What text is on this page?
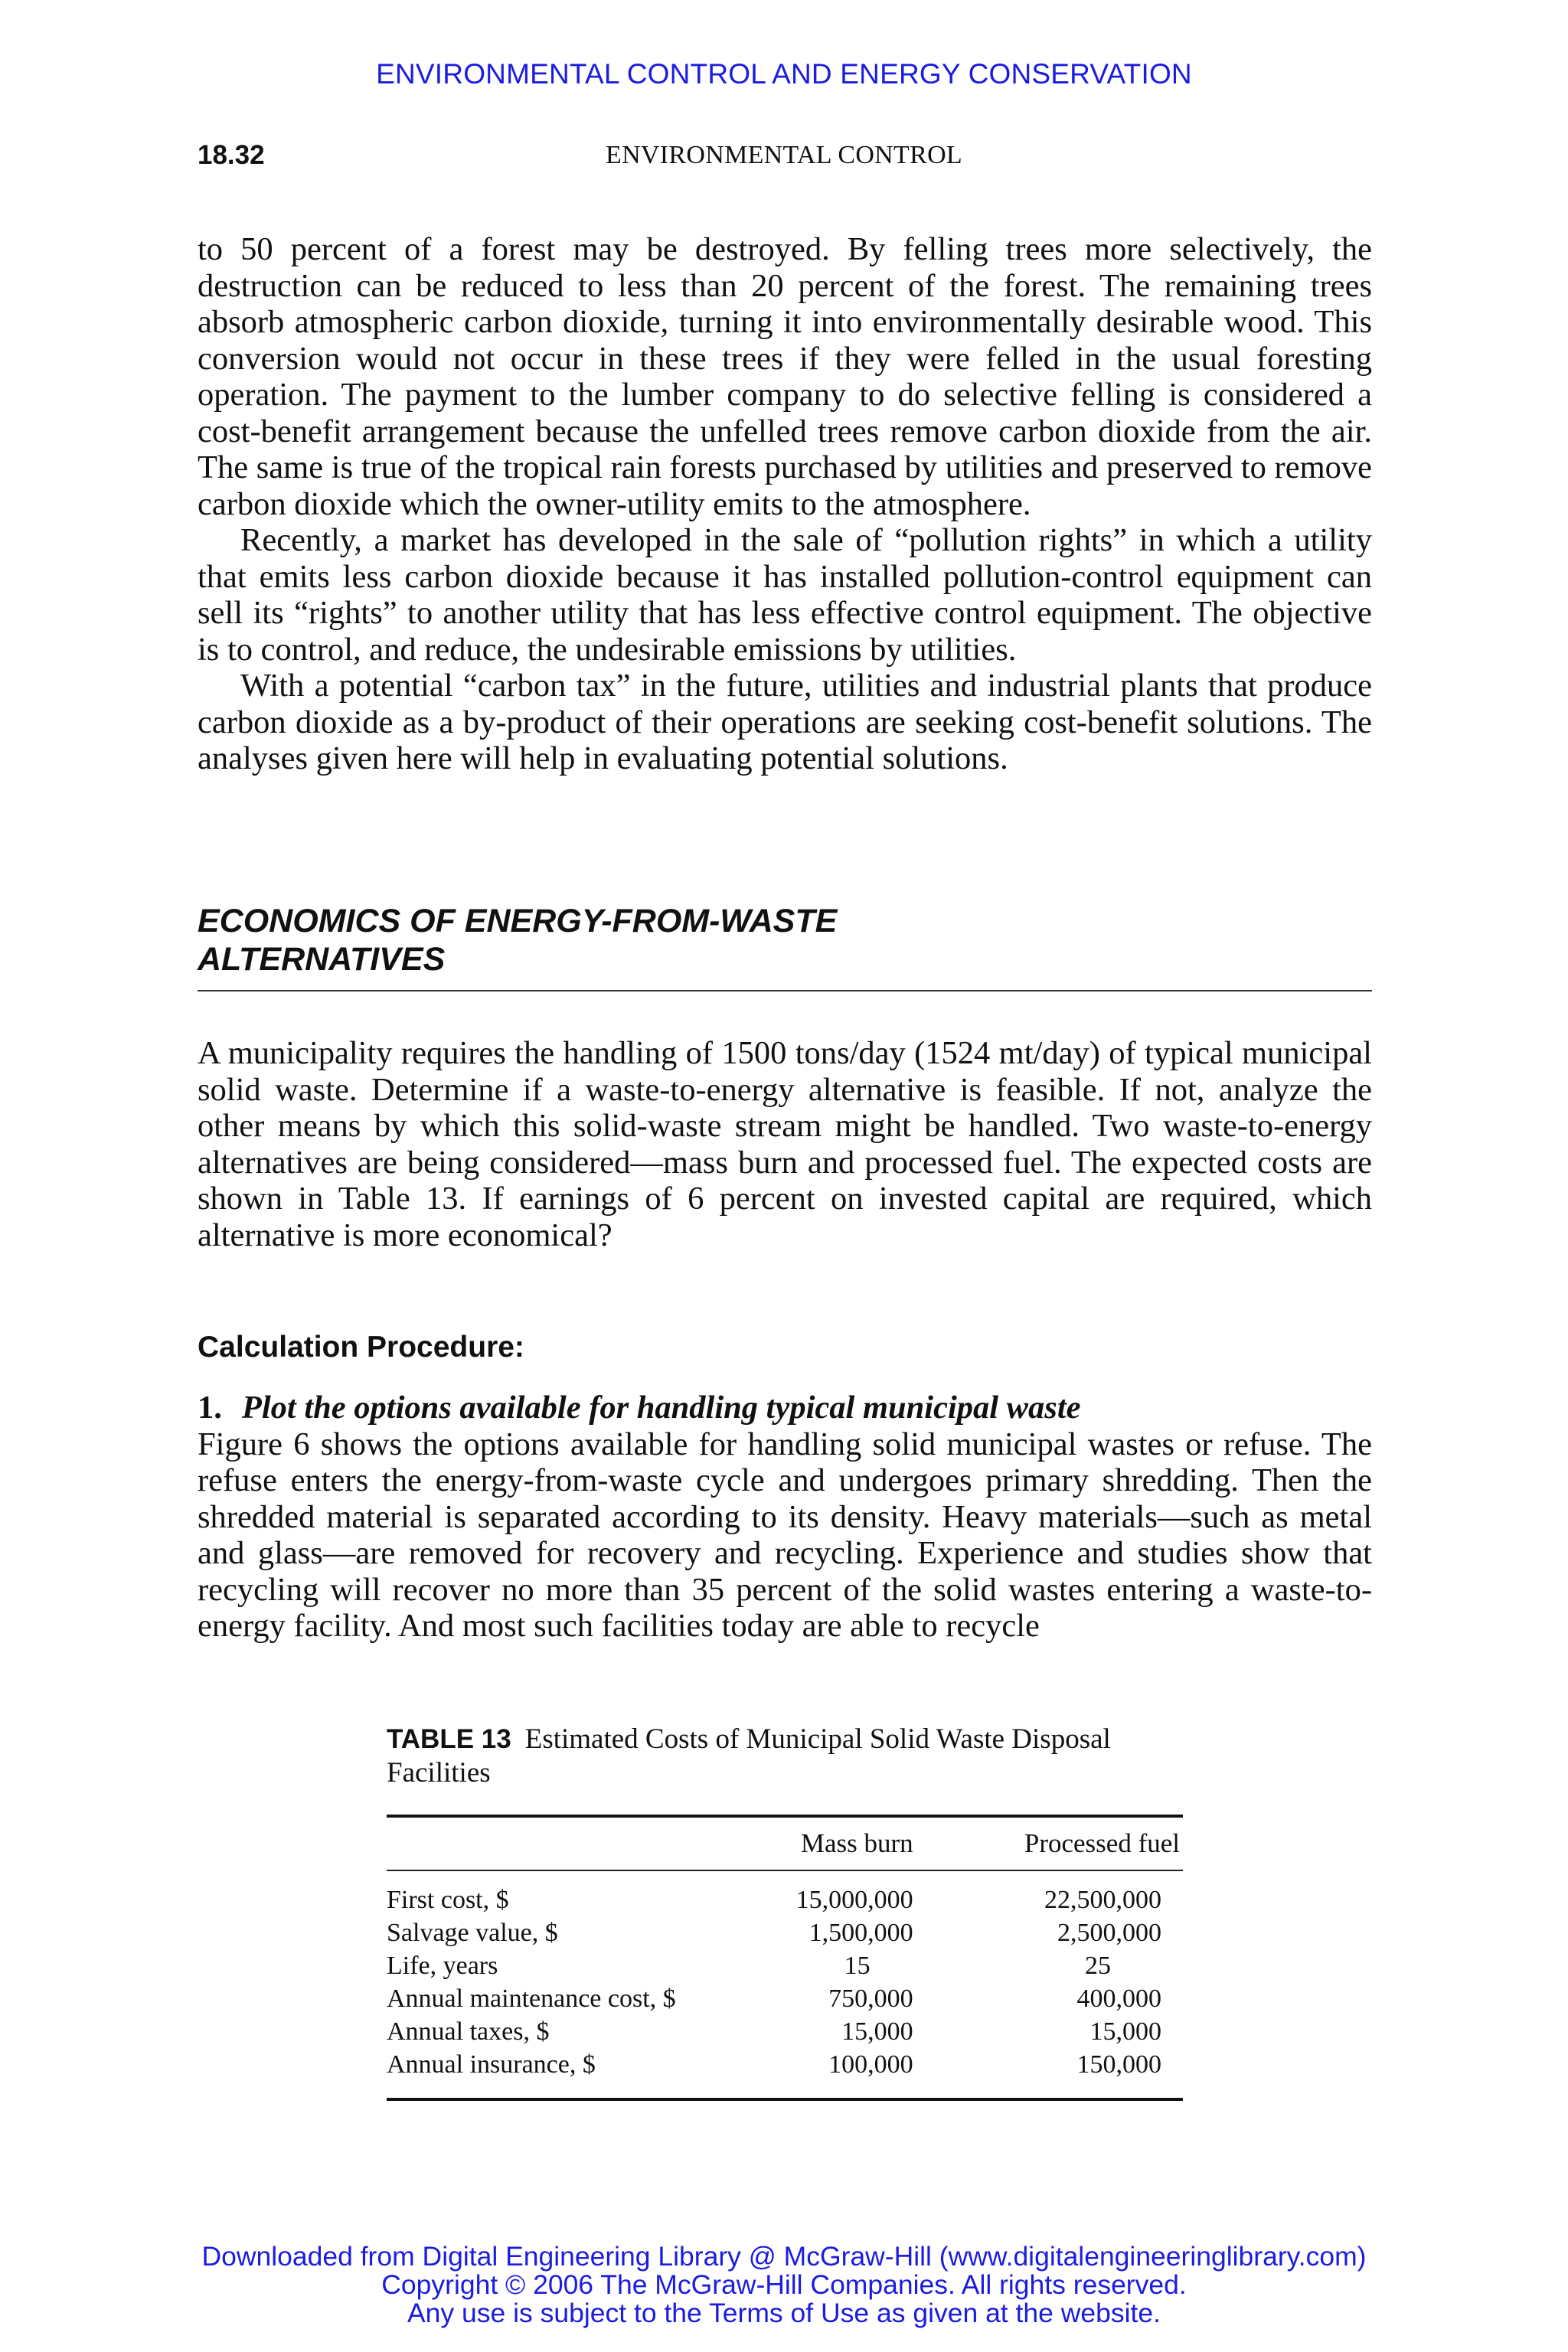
ENVIRONMENTAL CONTROL AND ENERGY CONSERVATION
18.32	ENVIRONMENTAL CONTROL

to 50 percent of a forest may be destroyed. By felling trees more selectively, the destruction can be reduced to less than 20 percent of the forest. The remaining trees absorb atmospheric carbon dioxide, turning it into environmentally desirable wood. This conversion would not occur in these trees if they were felled in the usual foresting operation. The payment to the lumber company to do selective felling is considered a cost-benefit arrangement because the unfelled trees remove carbon dioxide from the air. The same is true of the tropical rain forests purchased by utilities and preserved to remove carbon dioxide which the owner-utility emits to the atmosphere.

Recently, a market has developed in the sale of “pollution rights” in which a utility that emits less carbon dioxide because it has installed pollution-control equipment can sell its “rights” to another utility that has less effective control equipment. The objective is to control, and reduce, the undesirable emissions by utilities.

With a potential “carbon tax” in the future, utilities and industrial plants that produce carbon dioxide as a by-product of their operations are seeking cost-benefit solutions. The analyses given here will help in evaluating potential solutions.

ECONOMICS OF ENERGY-FROM-WASTE
ALTERNATIVES

A municipality requires the handling of 1500 tons/day (1524 mt/day) of typical municipal solid waste. Determine if a waste-to-energy alternative is feasible. If not, analyze the other means by which this solid-waste stream might be handled. Two waste-to-energy alternatives are being considered—mass burn and processed fuel. The expected costs are shown in Table 13. If earnings of 6 percent on invested capital are required, which alternative is more economical?

Calculation Procedure:

1. Plot the options available for handling typical municipal waste

Figure 6 shows the options available for handling solid municipal wastes or refuse. The refuse enters the energy-from-waste cycle and undergoes primary shredding. Then the shredded material is separated according to its density. Heavy materials—such as metal and glass—are removed for recovery and recycling. Experience and studies show that recycling will recover no more than 35 percent of the solid wastes entering a waste-to-energy facility. And most such facilities today are able to recycle

TABLE 13 Estimated Costs of Municipal Solid Waste Disposal Facilities
	Mass burn	Processed fuel

First cost, $	15,000,000	22,500,000
Salvage value, $	1,500,000	2,500,000
Life, years	15	25
Annual maintenance cost, $	750,000	400,000
Annual taxes, $	15,000	15,000
Annual insurance, $	100,000	150,000
Downloaded from Digital Engineering Library @ McGraw-Hill (www.digitalengineeringlibrary.com)
Copyright © 2006 The McGraw-Hill Companies. All rights reserved.
Any use is subject to the Terms of Use as given at the website.
